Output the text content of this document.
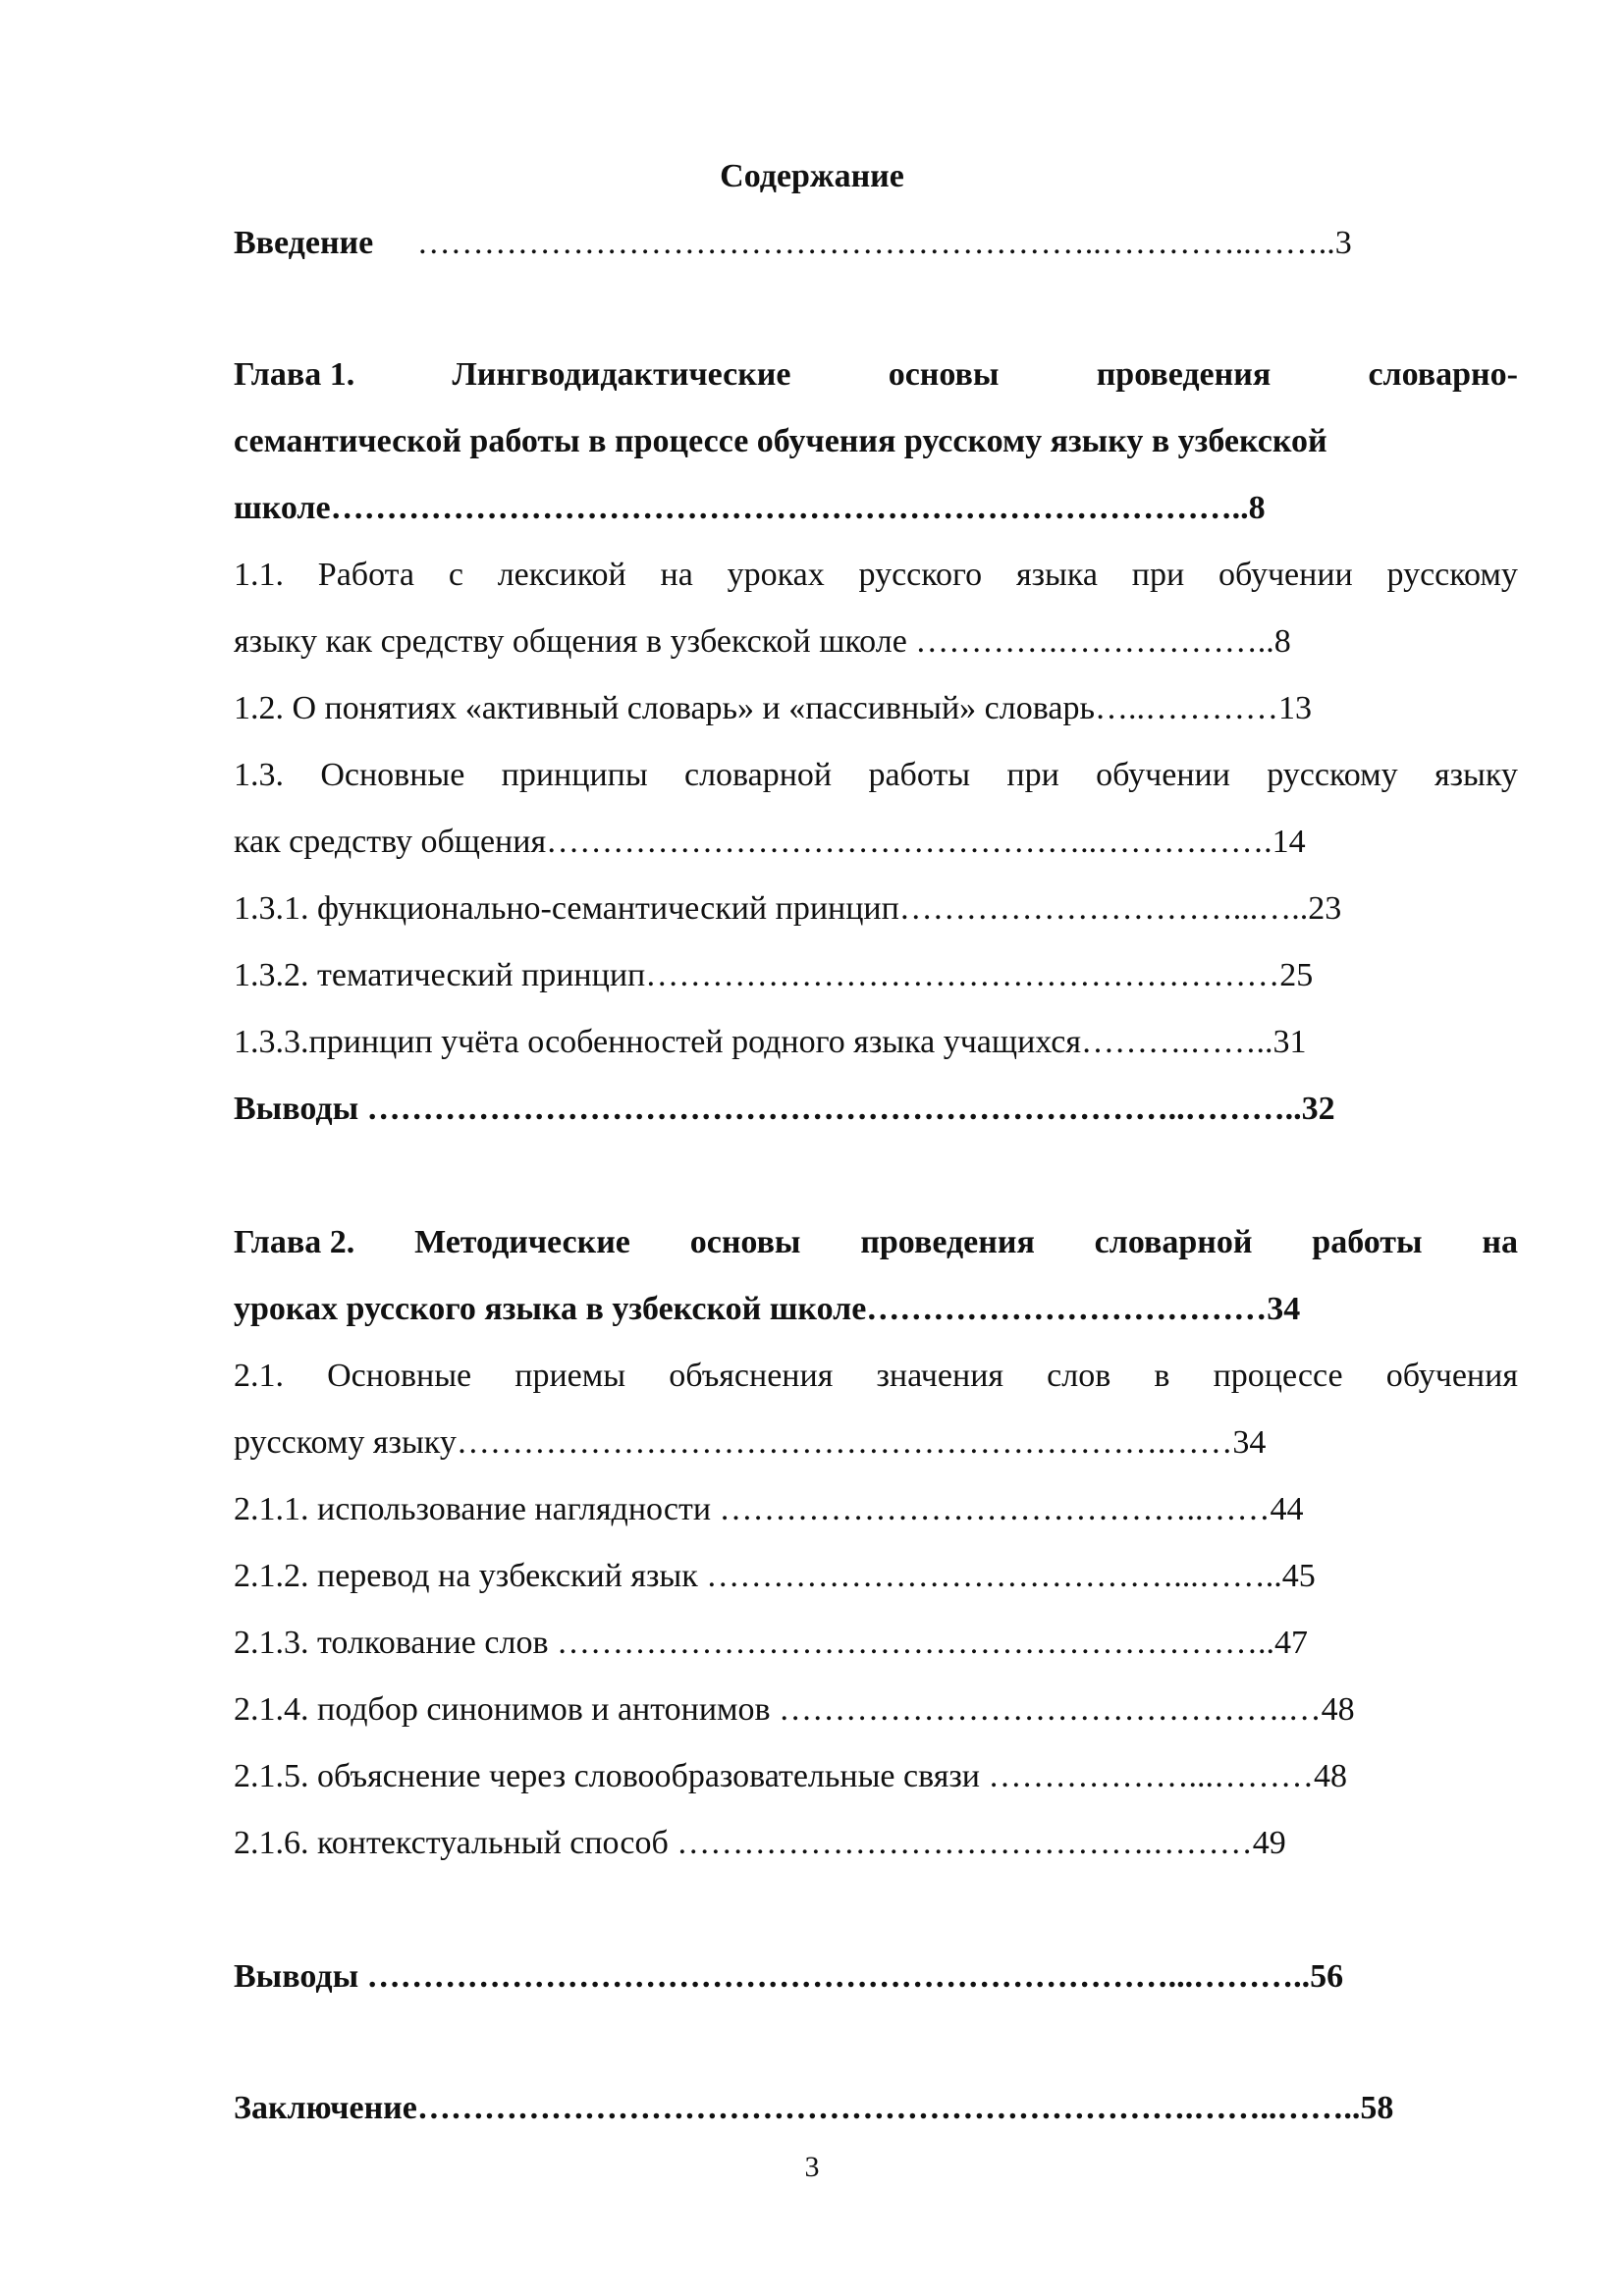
Содержание
Введение ……………………………………………………..…………..……..3
Глава 1.	Лингводидактические	основы	проведения	словарно-
семантической работы в процессе обучения русскому языку в узбекской
школе………………………………………………………………………..8
1.1. Работа с лексикой на уроках русского языка при обучении русскому
языку как средству общения в узбекской школе ………….………………..8
1.2. О понятиях «активный словарь» и «пассивный» словарь…..…………13
1.3. Основные принципы словарной работы при обучении русскому языку
как средству общения…………………………………………..…………….14
1.3.1. функционально-семантический принцип…………………………...…..23
1.3.2. тематический принцип…………………………………………………25
1.3.3.принцип учёта особенностей родного языка учащихся……….……..31
Выводы ………………………………………………………………..………..32
Глава 2. Методические основы проведения словарной работы на
уроках русского языка в узбекской школе………………………………34
2.1. Основные приемы объяснения значения слов в процессе обучения
русскому языку……………………………………………………….……34
2.1.1. использование наглядности ……………………………………..……44
2.1.2. перевод на узбекский язык ……………………………………...……..45
2.1.3. толкование слов ………………………………………………………..47
2.1.4. подбор синонимов и антонимов ……………………………………….…48
2.1.5. объяснение через словообразовательные связи ………………...………48
2.1.6. контекстуальный способ …………………………………….………49
Выводы ………………………………………………………………...………..56
Заключение…………………………………………………………….……..……..58
3
